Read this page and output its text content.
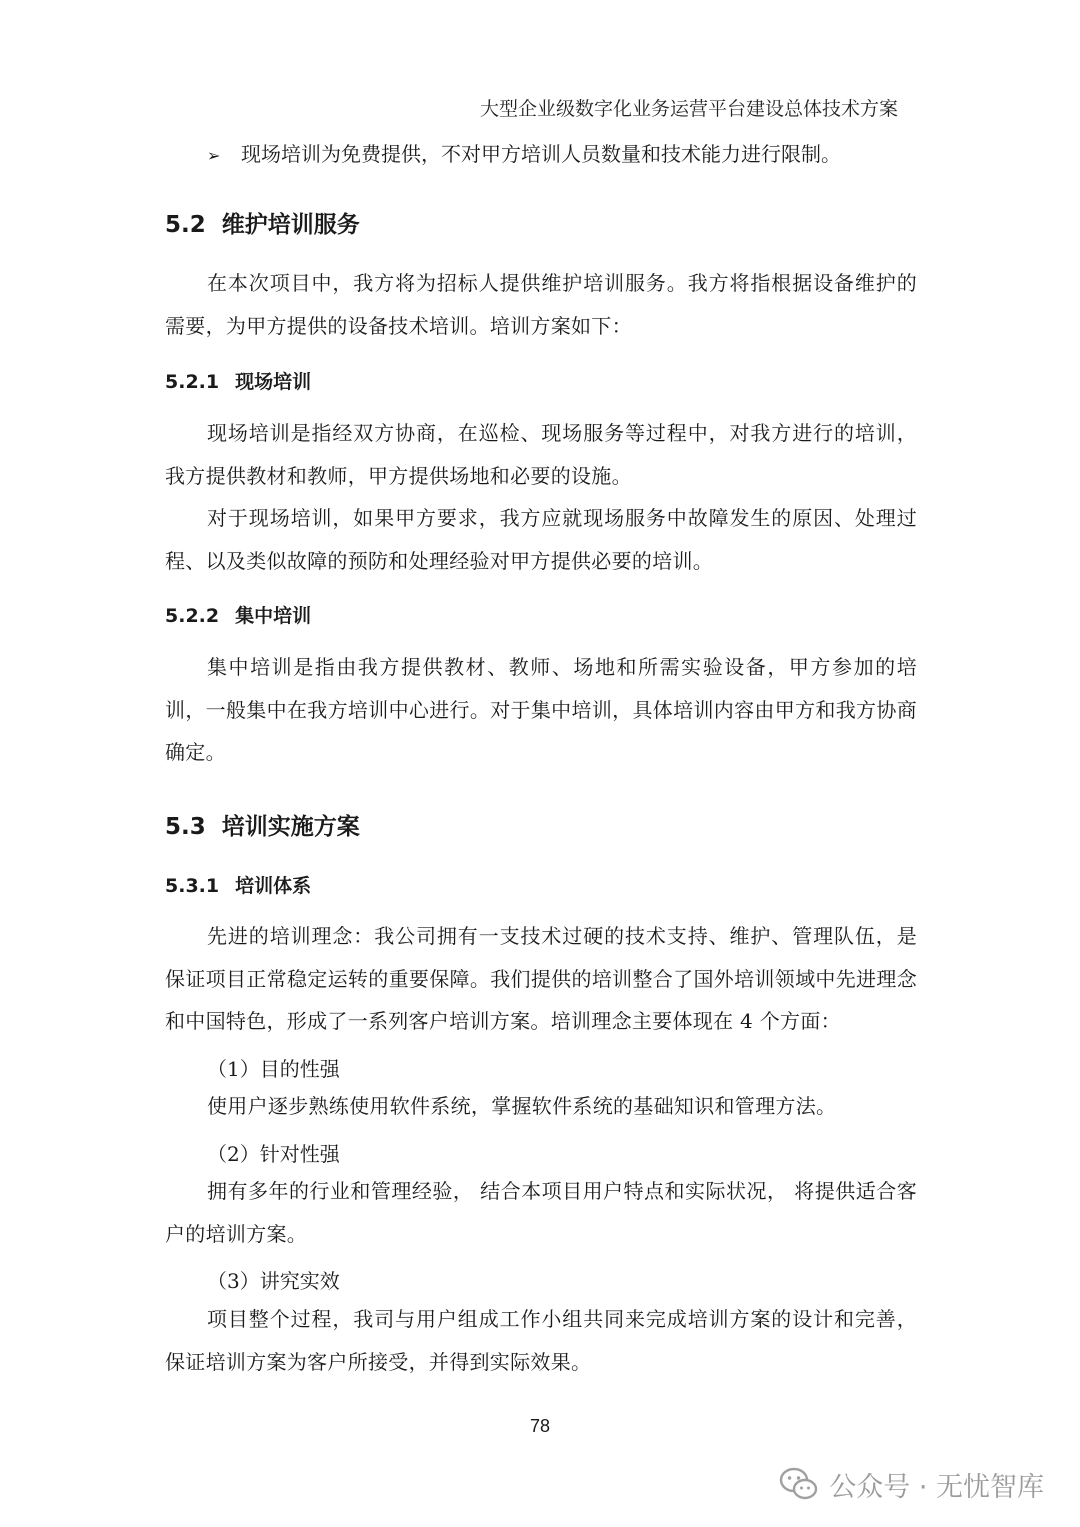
大型企业级数字化业务运营平台建设总体技术方案
➢ 现场培训为免费提供，不对甲方培训人员数量和技术能力进行限制。
5.2 维护培训服务
在本次项目中，我方将为招标人提供维护培训服务。我方将指根据设备维护的需要，为甲方提供的设备技术培训。培训方案如下：
5.2.1 现场培训
现场培训是指经双方协商，在巡检、现场服务等过程中，对我方进行的培训，我方提供教材和教师，甲方提供场地和必要的设施。
对于现场培训，如果甲方要求，我方应就现场服务中故障发生的原因、处理过程、以及类似故障的预防和处理经验对甲方提供必要的培训。
5.2.2 集中培训
集中培训是指由我方提供教材、教师、场地和所需实验设备，甲方参加的培训，一般集中在我方培训中心进行。对于集中培训，具体培训内容由甲方和我方协商确定。
5.3 培训实施方案
5.3.1 培训体系
先进的培训理念：我公司拥有一支技术过硬的技术支持、维护、管理队伍，是保证项目正常稳定运转的重要保障。我们提供的培训整合了国外培训领域中先进理念和中国特色，形成了一系列客户培训方案。培训理念主要体现在 4 个方面：
（1）目的性强
使用户逐步熟练使用软件系统，掌握软件系统的基础知识和管理方法。
（2）针对性强
拥有多年的行业和管理经验， 结合本项目用户特点和实际状况， 将提供适合客户的培训方案。
（3）讲究实效
项目整个过程，我司与用户组成工作小组共同来完成培训方案的设计和完善，保证培训方案为客户所接受，并得到实际效果。
78
公众号 · 无忧智库
